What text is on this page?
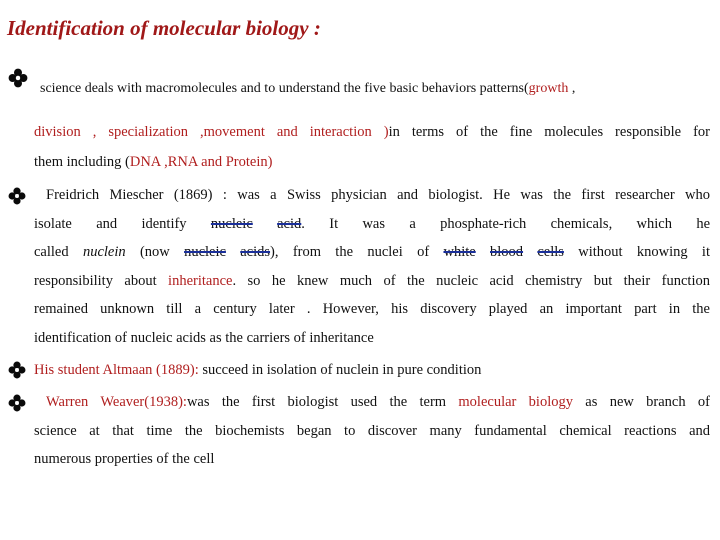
Identification of molecular biology :
science deals with macromolecules and to understand the five basic behaviors patterns(growth ,
division , specialization ,movement and interaction )in terms of the fine molecules responsible for
them including (DNA ,RNA and Protein)
Freidrich Miescher (1869) : was a Swiss physician and biologist. He was the first researcher who
isolate and identify nucleic acid. It was a phosphate-rich chemicals, which he
called nuclein (now nucleic acids), from the nuclei of white blood cells without knowing it
responsibility about inheritance. so he knew much of the nucleic acid chemistry but their function
remained unknown till a century later . However, his discovery played an important part in the
identification of nucleic acids as the carriers of inheritance
His student Altmaan (1889): succeed in isolation of nuclein in pure condition
Warren Weaver(1938):was the first biologist used the term molecular biology as new branch of
science at that time the biochemists began to discover many fundamental chemical reactions and
numerous properties of the cell
